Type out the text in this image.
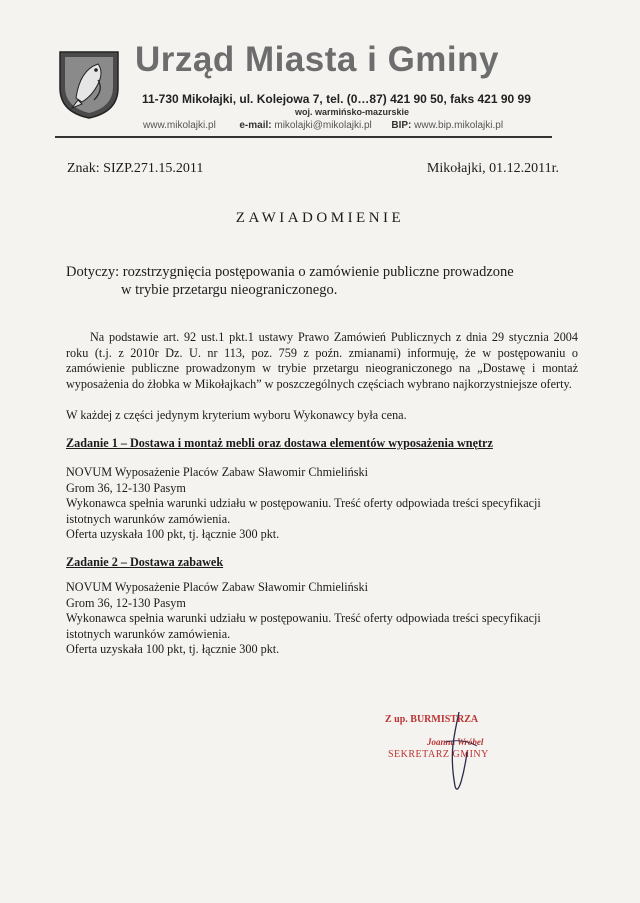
Urząd Miasta i Gminy
11-730 Mikołajki, ul. Kolejowa 7, tel. (0…87) 421 90 50, faks 421 90 99
woj. warmińsko-mazurskie
www.mikolajki.pl e-mail: mikolajki@mikolajki.pl BIP: www.bip.mikolajki.pl
Znak: SIZP.271.15.2011	Mikołajki, 01.12.2011r.
ZAWIADOMIENIE
Dotyczy: rozstrzygnięcia postępowania o zamówienie publiczne prowadzone
w trybie przetargu nieograniczonego.
Na podstawie art. 92 ust.1 pkt.1 ustawy Prawo Zamówień Publicznych z dnia 29 stycznia 2004 roku (t.j. z 2010r Dz. U. nr 113, poz. 759 z poźn. zmianami) informuję, że w postępowaniu o zamówienie publiczne prowadzonym w trybie przetargu nieograniczonego na „Dostawę i montaż wyposażenia do żłobka w Mikołajkach” w poszczególnych częściach wybrano najkorzystniejsze oferty.
W każdej z części jedynym kryterium wyboru Wykonawcy była cena.
Zadanie 1 – Dostawa i montaż mebli oraz dostawa elementów wyposażenia wnętrz
NOVUM Wyposażenie Placów Zabaw Sławomir Chmieliński
Grom 36, 12-130 Pasym
Wykonawca spełnia warunki udziału w postępowaniu. Treść oferty odpowiada treści specyfikacji
istotnych warunków zamówienia.
Oferta uzyskała 100 pkt, tj. łącznie 300 pkt.
Zadanie 2 – Dostawa zabawek
NOVUM Wyposażenie Placów Zabaw Sławomir Chmieliński
Grom 36, 12-130 Pasym
Wykonawca spełnia warunki udziału w postępowaniu. Treść oferty odpowiada treści specyfikacji
istotnych warunków zamówienia.
Oferta uzyskała 100 pkt, tj. łącznie 300 pkt.
Z up. BURMISTRZA
Joanna Wróbel
SEKRETARZ GMINY
